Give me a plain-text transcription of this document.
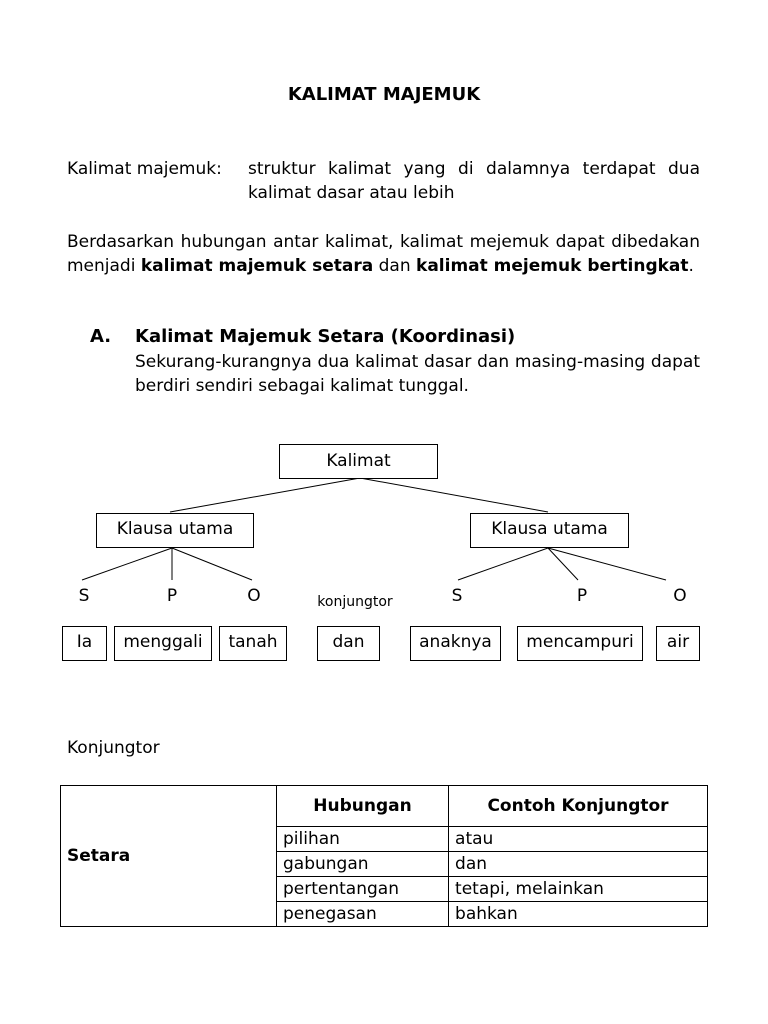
KALIMAT MAJEMUK
Kalimat majemuk: struktur kalimat yang di dalamnya terdapat dua kalimat dasar atau lebih
Berdasarkan hubungan antar kalimat, kalimat mejemuk dapat dibedakan menjadi kalimat majemuk setara dan kalimat mejemuk bertingkat.
A. Kalimat Majemuk Setara (Koordinasi)
Sekurang-kurangnya dua kalimat dasar dan masing-masing dapat berdiri sendiri sebagai kalimat tunggal.
Kalimat
Klausa utama	Klausa utama
S	P	O	konjungtor	S	P	O
Ia	menggali	tanah	dan	anaknya	mencampuri	air
Konjungtor
Setara	Hubungan	Contoh Konjungtor
	pilihan	atau
	gabungan	dan
	pertentangan	tetapi, melainkan
	penegasan	bahkan
